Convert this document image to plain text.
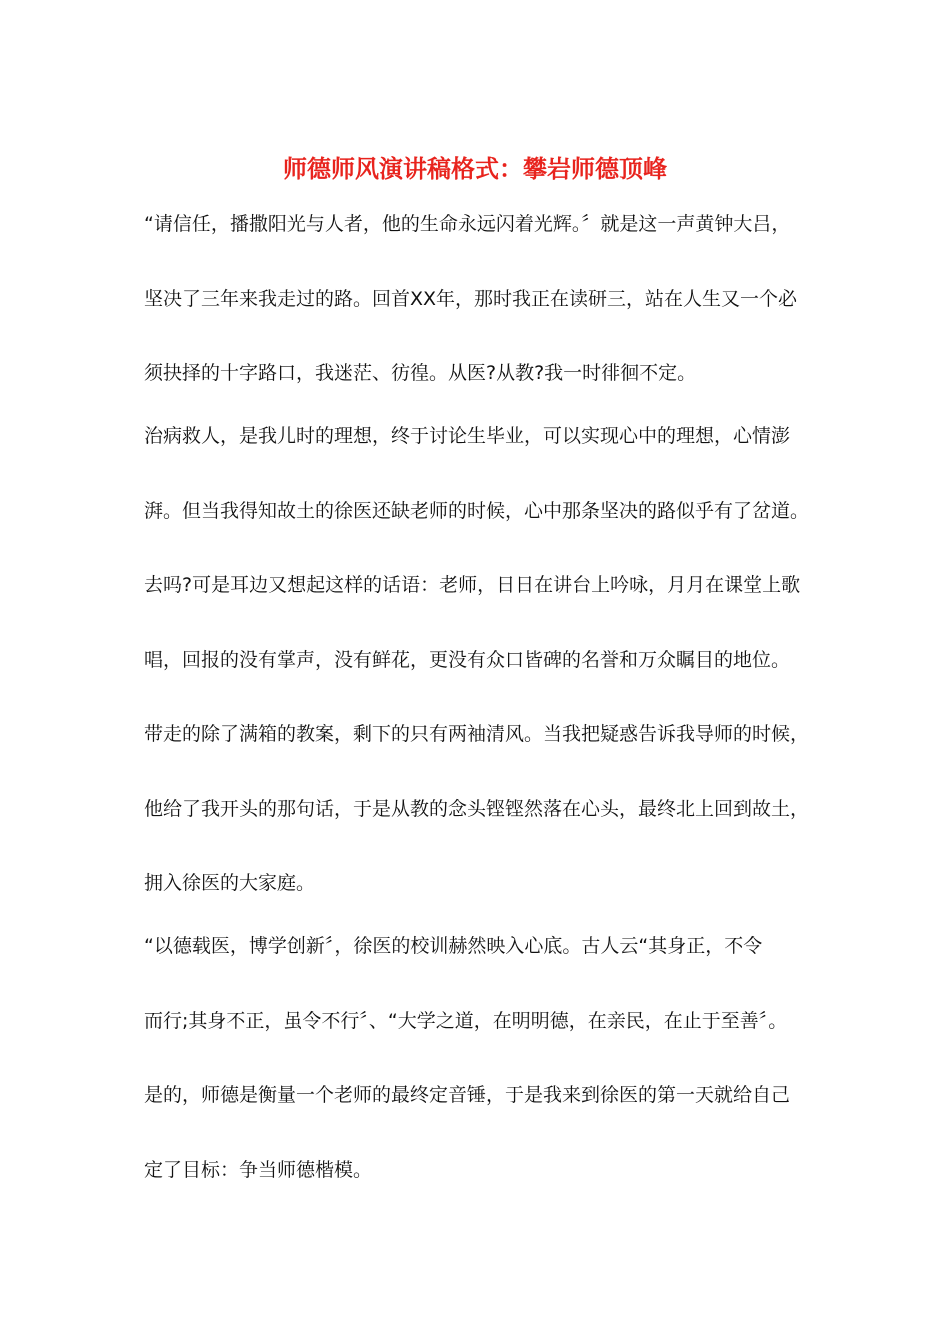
师德师风演讲稿格式：攀岩师德顶峰

“请信任，播撒阳光与人者，他的生命永远闪着光辉。〞就是这一声黄钟大吕，

坚决了三年来我走过的路。回首XX年，那时我正在读研三，站在人生又一个必

须抉择的十字路口，我迷茫、彷徨。从医?从教?我一时徘徊不定。

治病救人，是我儿时的理想，终于讨论生毕业，可以实现心中的理想，心情澎

湃。但当我得知故土的徐医还缺老师的时候，心中那条坚决的路似乎有了岔道。

去吗?可是耳边又想起这样的话语：老师，日日在讲台上吟咏，月月在课堂上歌

唱，回报的没有掌声，没有鲜花，更没有众口皆碑的名誉和万众瞩目的地位。

带走的除了满箱的教案，剩下的只有两袖清风。当我把疑惑告诉我导师的时候，

他给了我开头的那句话，于是从教的念头铿铿然落在心头，最终北上回到故土，

拥入徐医的大家庭。

“以德载医，博学创新〞，徐医的校训赫然映入心底。古人云“其身正，不令

而行;其身不正，虽令不行〞、“大学之道，在明明德，在亲民，在止于至善〞。

是的，师德是衡量一个老师的最终定音锤，于是我来到徐医的第一天就给自己

定了目标：争当师德楷模。
